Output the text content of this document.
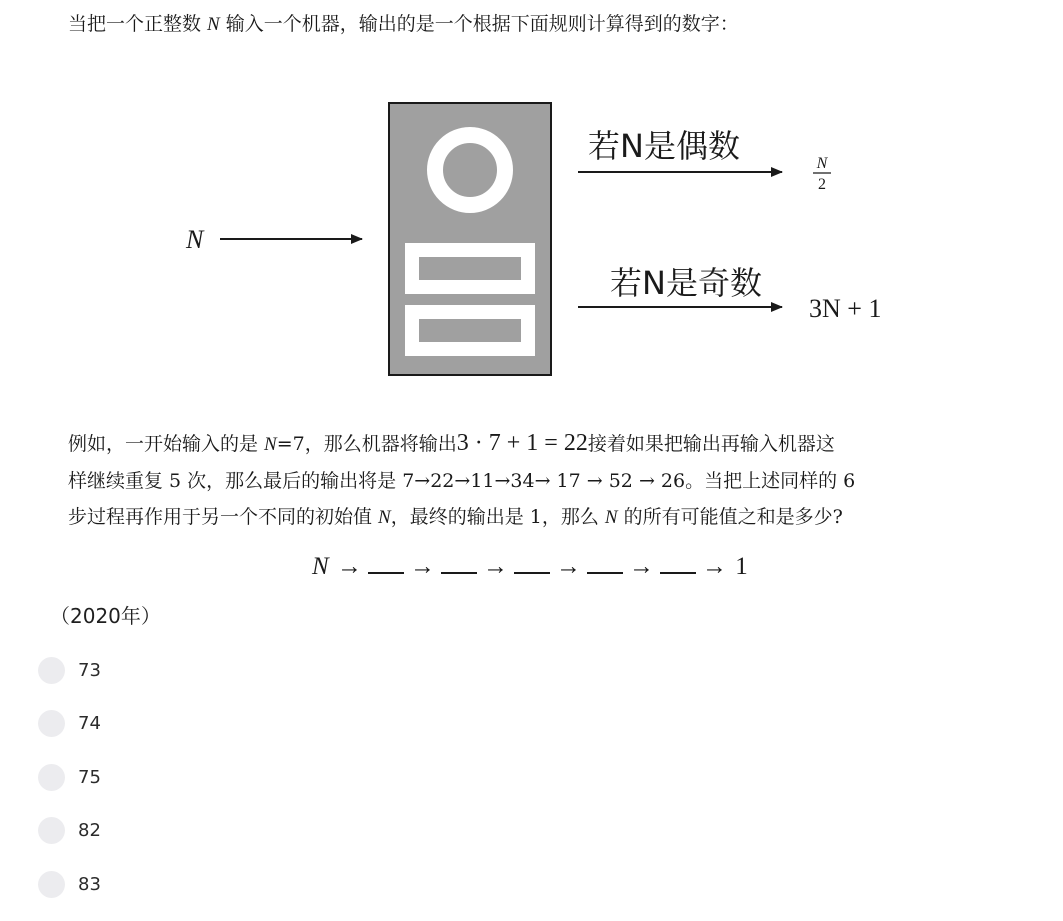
当把一个正整数 N 输入一个机器，输出的是一个根据下面规则计算得到的数字：
N
若N是偶数	N
2
若N是奇数
3N + 1
例如，一开始输入的是 N=7，那么机器将输出3 · 7 + 1 = 22接着如果把输出再输入机器这
样继续重复 5 次，那么最后的输出将是 7→22→11→34→ 17 → 52 → 26。当把上述同样的 6
步过程再作用于另一个不同的初始值 N，最终的输出是 1，那么 N 的所有可能值之和是多少?
N → → → → → → 1
（2020年）
73
74
75
82
83
